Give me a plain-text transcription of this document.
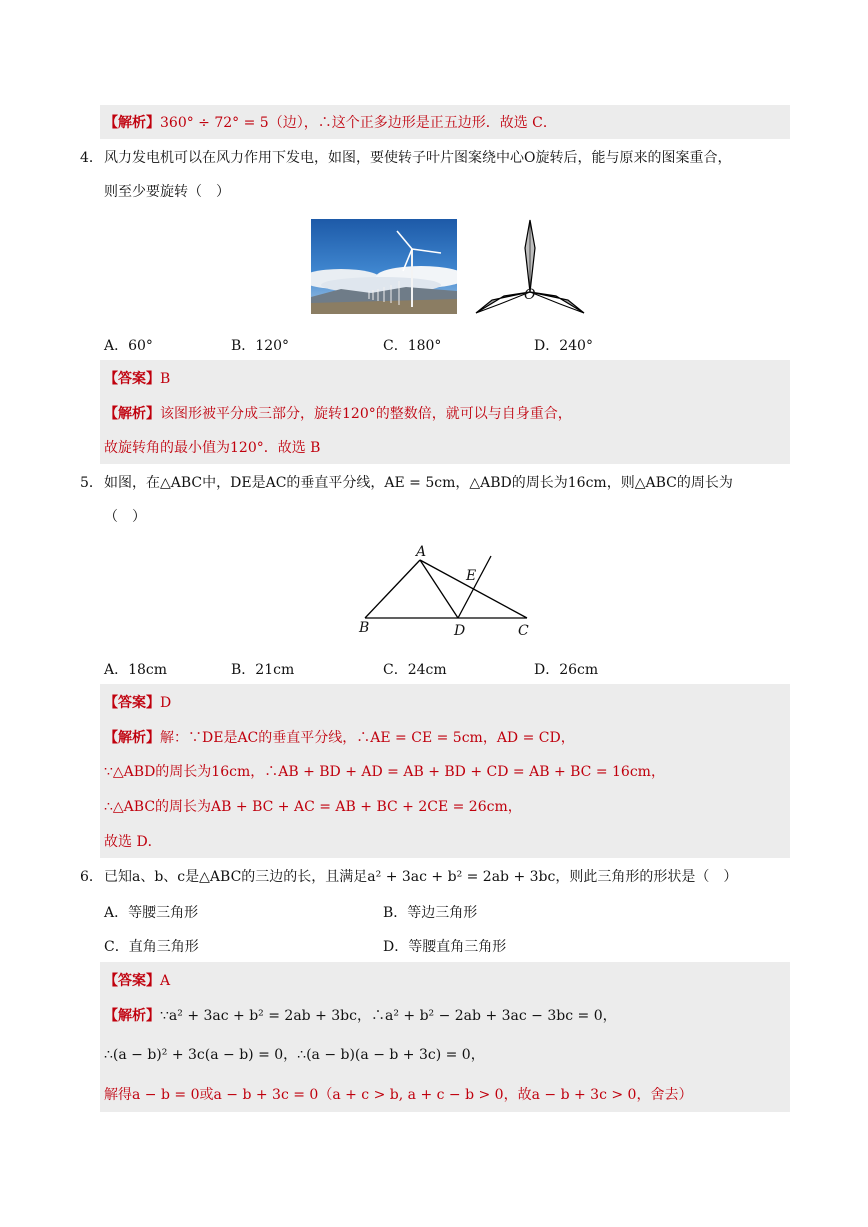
【解析】360° ÷ 72° = 5（边），∴这个正多边形是正五边形．故选 C．
4． 风力发电机可以在风力作用下发电，如图，要使转子叶片图案绕中心O旋转后，能与原来的图案重合，
则至少要旋转（　）
O
A．60°	B．120°	C．180°	D．240°
【答案】B
【解析】该图形被平分成三部分，旋转120°的整数倍，就可以与自身重合，
故旋转角的最小值为120°．故选 B
5． 如图，在△ABC中，DE是AC的垂直平分线，AE = 5cm，△ABD的周长为16cm，则△ABC的周长为
（　）
A
E
B	D	C
A．18cm	B．21cm	C．24cm	D．26cm
【答案】D
【解析】解：∵DE是AC的垂直平分线，∴AE = CE = 5cm，AD = CD，
∵△ABD的周长为16cm，∴AB + BD + AD = AB + BD + CD = AB + BC = 16cm，
∴△ABC的周长为AB + BC + AC = AB + BC + 2CE = 26cm，
故选 D．
6． 已知a、b、c是△ABC的三边的长，且满足a² + 3ac + b² = 2ab + 3bc，则此三角形的形状是（　）
A．等腰三角形	B．等边三角形
C．直角三角形	D．等腰直角三角形
【答案】A
【解析】∵a² + 3ac + b² = 2ab + 3bc，∴a² + b² − 2ab + 3ac − 3bc = 0，
∴(a − b)² + 3c(a − b) = 0，∴(a − b)(a − b + 3c) = 0，
解得a − b = 0或a − b + 3c = 0（a + c > b, a + c − b > 0，故a − b + 3c > 0，舍去）
